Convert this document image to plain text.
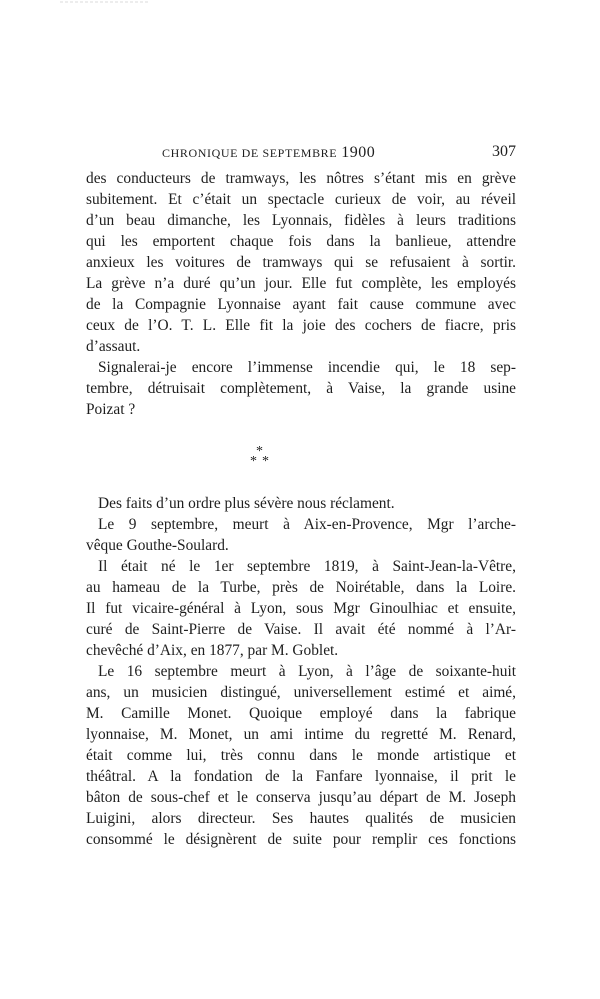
CHRONIQUE DE SEPTEMBRE 1900	307
des conducteurs de tramways, les nôtres s’étant mis en grève
subitement. Et c’était un spectacle curieux de voir, au réveil
d’un beau dimanche, les Lyonnais, fidèles à leurs traditions
qui les emportent chaque fois dans la banlieue, attendre
anxieux les voitures de tramways qui se refusaient à sortir.
La grève n’a duré qu’un jour. Elle fut complète, les employés
de la Compagnie Lyonnaise ayant fait cause commune avec
ceux de l’O. T. L. Elle fit la joie des cochers de fiacre, pris
d’assaut.
Signalerai-je encore l’immense incendie qui, le 18 sep-
tembre, détruisait complètement, à Vaise, la grande usine
Poizat ?
*
* *
Des faits d’un ordre plus sévère nous réclament.
Le 9 septembre, meurt à Aix-en-Provence, Mgr l’arche-
vêque Gouthe-Soulard.
Il était né le 1er septembre 1819, à Saint-Jean-la-Vêtre,
au hameau de la Turbe, près de Noirétable, dans la Loire.
Il fut vicaire-général à Lyon, sous Mgr Ginoulhiac et ensuite,
curé de Saint-Pierre de Vaise. Il avait été nommé à l’Ar-
chevêché d’Aix, en 1877, par M. Goblet.
Le 16 septembre meurt à Lyon, à l’âge de soixante-huit
ans, un musicien distingué, universellement estimé et aimé,
M. Camille Monet. Quoique employé dans la fabrique
lyonnaise, M. Monet, un ami intime du regretté M. Renard,
était comme lui, très connu dans le monde artistique et
théâtral. A la fondation de la Fanfare lyonnaise, il prit le
bâton de sous-chef et le conserva jusqu’au départ de M. Joseph
Luigini, alors directeur. Ses hautes qualités de musicien
consommé le désignèrent de suite pour remplir ces fonctions
